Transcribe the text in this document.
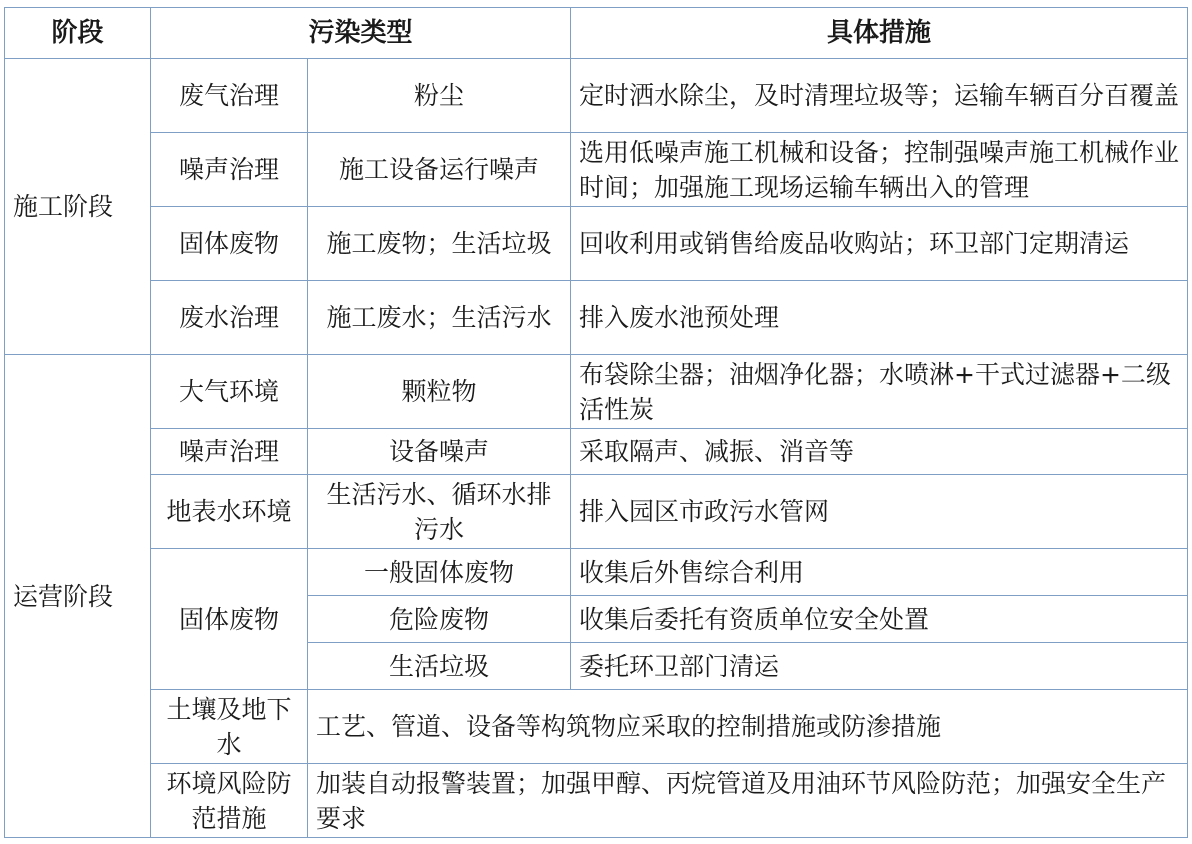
阶段	污染类型		具体措施
施工阶段	废气治理	粉尘	定时洒水除尘，及时清理垃圾等；运输车辆百分百覆盖
	噪声治理	施工设备运行噪声	选用低噪声施工机械和设备；控制强噪声施工机械作业时间；加强施工现场运输车辆出入的管理
	固体废物	施工废物；生活垃圾	回收利用或销售给废品收购站；环卫部门定期清运
	废水治理	施工废水；生活污水	排入废水池预处理
运营阶段	大气环境	颗粒物	布袋除尘器；油烟净化器；水喷淋+干式过滤器+二级活性炭
	噪声治理	设备噪声	采取隔声、减振、消音等
	地表水环境	生活污水、循环水排污水	排入园区市政污水管网
	固体废物	一般固体废物	收集后外售综合利用
		危险废物	收集后委托有资质单位安全处置
		生活垃圾	委托环卫部门清运
	土壤及地下水	工艺、管道、设备等构筑物应采取的控制措施或防渗措施	
	环境风险防范措施	加装自动报警装置；加强甲醇、丙烷管道及用油环节风险防范；加强安全生产要求	
